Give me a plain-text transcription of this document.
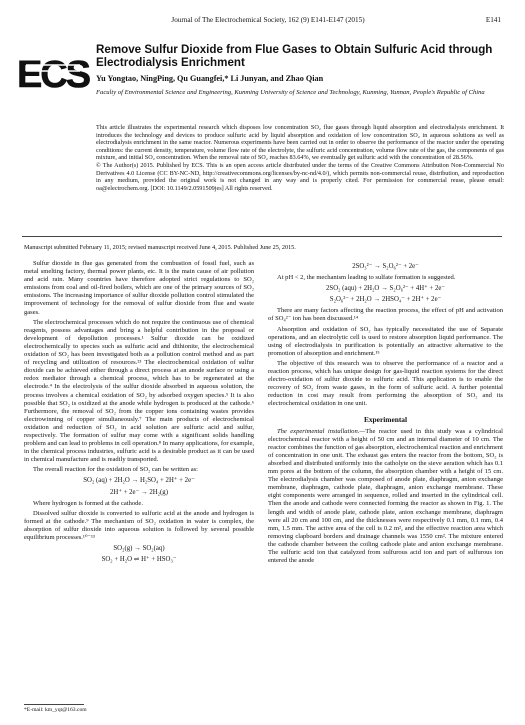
Journal of The Electrochemical Society, 162 (9) E141-E147 (2015)	E141
ECS
Remove Sulfur Dioxide from Flue Gases to Obtain Sulfuric Acid through Electrodialysis Enrichment
Yu Yongtao, NingPing, Qu Guangfei,* Li Junyan, and Zhao Qian
Faculty of Environmental Science and Engineering, Kunming University of Science and Technology, Kunming, Yunnan, People's Republic of China

This article illustrates the experimental research which disposes low concentration SO₂ flue gases through liquid absorption and electrodialysis enrichment. It introduces the technology and devices to produce sulfuric acid by liquid absorption and oxidation of low concentration SO₂ in aqueous solutions as well as electrodialysis enrichment in the same reactor. Numerous experiments have been carried out in order to observe the performance of the reactor under the operating conditions: the current density, temperature, volume flow rate of the electrolyte, the sulfuric acid concentration, volume flow rate of the gas, the components of gas mixture, and initial SO₂ concentration. When the removal rate of SO₂ reaches 83.64%, we eventually get sulfuric acid with the concentration of 28.56%.

© The Author(s) 2015. Published by ECS. This is an open access article distributed under the terms of the Creative Commons Attribution Non-Commercial No Derivatives 4.0 License (CC BY-NC-ND, http://creativecommons.org/licenses/by-nc-nd/4.0/), which permits non-commercial reuse, distribution, and reproduction in any medium, provided the original work is not changed in any way and is properly cited. For permission for commercial reuse, please email: oa@electrochem.org. [DOI: 10.1149/2.0591509jes] All rights reserved.

Manuscript submitted February 11, 2015; revised manuscript received June 4, 2015. Published June 25, 2015.

Sulfur dioxide in flue gas generated from the combustion of fossil fuel, such as metal smelting factory, thermal power plants, etc. It is the main cause of air pollution and acid rain. Many countries have therefore adopted strict regulations to SO₂ emissions from coal and oil-fired boilers, which are one of the primary sources of SO₂ emissions. The increasing importance of sulfur dioxide pollution control stimulated the improvement of technology for the removal of sulfur dioxide from flue and waste gases.

The electrochemical processes which do not require the continuous use of chemical reagents, possess advantages and bring a helpful contribution in the proposal or development of depollution processes.¹ Sulfur dioxide can be oxidized electrochemically to species such as sulfuric acid and dithionite, the electrochemical oxidation of SO₂ has been investigated both as a pollution control method and as part of recycling and utilization of resources.²³ The electrochemical oxidation of sulfur dioxide can be achieved either through a direct process at an anode surface or using a redox mediator through a chemical process, which has to be regenerated at the electrode.⁴ In the electrolysis of the sulfur dioxide absorbed in aqueous solution, the process involves a chemical oxidation of SO₂ by adsorbed oxygen species.⁵ It is also possible that SO₂ is oxidized at the anode while hydrogen is produced at the cathode.⁶ Furthermore, the removal of SO₂ from the copper ions containing wastes provides electrowinning of copper simultaneously.⁷ The main products of electrochemical oxidation and reduction of SO₂ in acid solution are sulfuric acid and sulfur, respectively. The formation of sulfur may come with a significant solids handling problem and can lead to problems in cell operation.⁸ In many applications, for example, in the chemical process industries, sulfuric acid is a desirable product as it can be used in chemical manufacture and is readily transported.

The overall reaction for the oxidation of SO₂ can be written as:

SO₂ (aq) + 2H₂O → H₂SO₄ + 2H⁺ + 2e⁻
2H⁺ + 2e⁻ → 2H₂(g)

Where hydrogen is formed at the cathode.

Dissolved sulfur dioxide is converted to sulfuric acid at the anode and hydrogen is formed at the cathode.⁹ The mechanism of SO₂ oxidation in water is complex, the absorption of sulfur dioxide into aqueous solution is followed by several possible equilibrium processes.¹⁰⁻¹³

SO₂(g) → SO₂(aq)
SO₂ + H₂O ⇌ H⁺ + HSO₃⁻
2SO₃²⁻ → S₂O₆²⁻ + 2e⁻

At pH < 2, the mechanism leading to sulfate formation is suggested.

2SO₂ (aqu) + 2H₂O → S₂O₆²⁻ + 4H⁺ + 2e⁻
S₂O₆²⁻ + 2H₂O → 2HSO₄⁻ + 2H⁺ + 2e⁻

There are many factors affecting the reaction process, the effect of pH and activation of SO₄²⁻ ion has been discussed.¹⁴

Absorption and oxidation of SO₂ has typically necessitated the use of Separate operations, and an electrolytic cell is used to restore absorption liquid performance. The using of electrodialysis in purification is potentially an attractive alternative to the promotion of absorption and enrichment.¹⁵

The objective of this research was to observe the performance of a reactor and a reaction process, which has unique design for gas-liquid reaction systems for the direct electro-oxidation of sulfur dioxide to sulfuric acid. This application is to enable the recovery of SO₂ from waste gases, in the form of sulfuric acid. A further potential reduction in cost may result from performing the absorption of SO₂ and its electrochemical oxidation in one unit.

Experimental

The experimental installation.—The reactor used in this study was a cylindrical electrochemical reactor with a height of 50 cm and an internal diameter of 10 cm. The reactor combines the function of gas absorption, electrochemical reaction and enrichment of concentration in one unit. The exhaust gas enters the reactor from the bottom, SO₂ is absorbed and distributed uniformly into the catholyte on the sieve aeration which has 0.1 mm pores at the bottom of the column, the absorption chamber with a height of 15 cm. The electrodialysis chamber was composed of anode plate, diaphragm, anion exchange membrane, diaphragm, cathode plate, diaphragm, anion exchange membrane. These eight components were arranged in sequence, rolled and inserted in the cylindrical cell. Then the anode and cathode were connected forming the reactor as shown in Fig. 1. The length and width of anode plate, cathode plate, anion exchange membrane, diaphragm were all 20 cm and 100 cm, and the thicknesses were respectively 0.1 mm, 0.1 mm, 0.4 mm, 1.5 mm. The active area of the cell is 0.2 m², and the effective reaction area which removing clapboard borders and drainage channels was 1550 cm². The mixture entered the cathode chamber between the coiling cathode plate and anion exchange membrane. The sulfuric acid ion that catalyzed from sulfurous acid ion and part of sulfurous ion entered the anode

*E-mail: km_yqt@163.com
